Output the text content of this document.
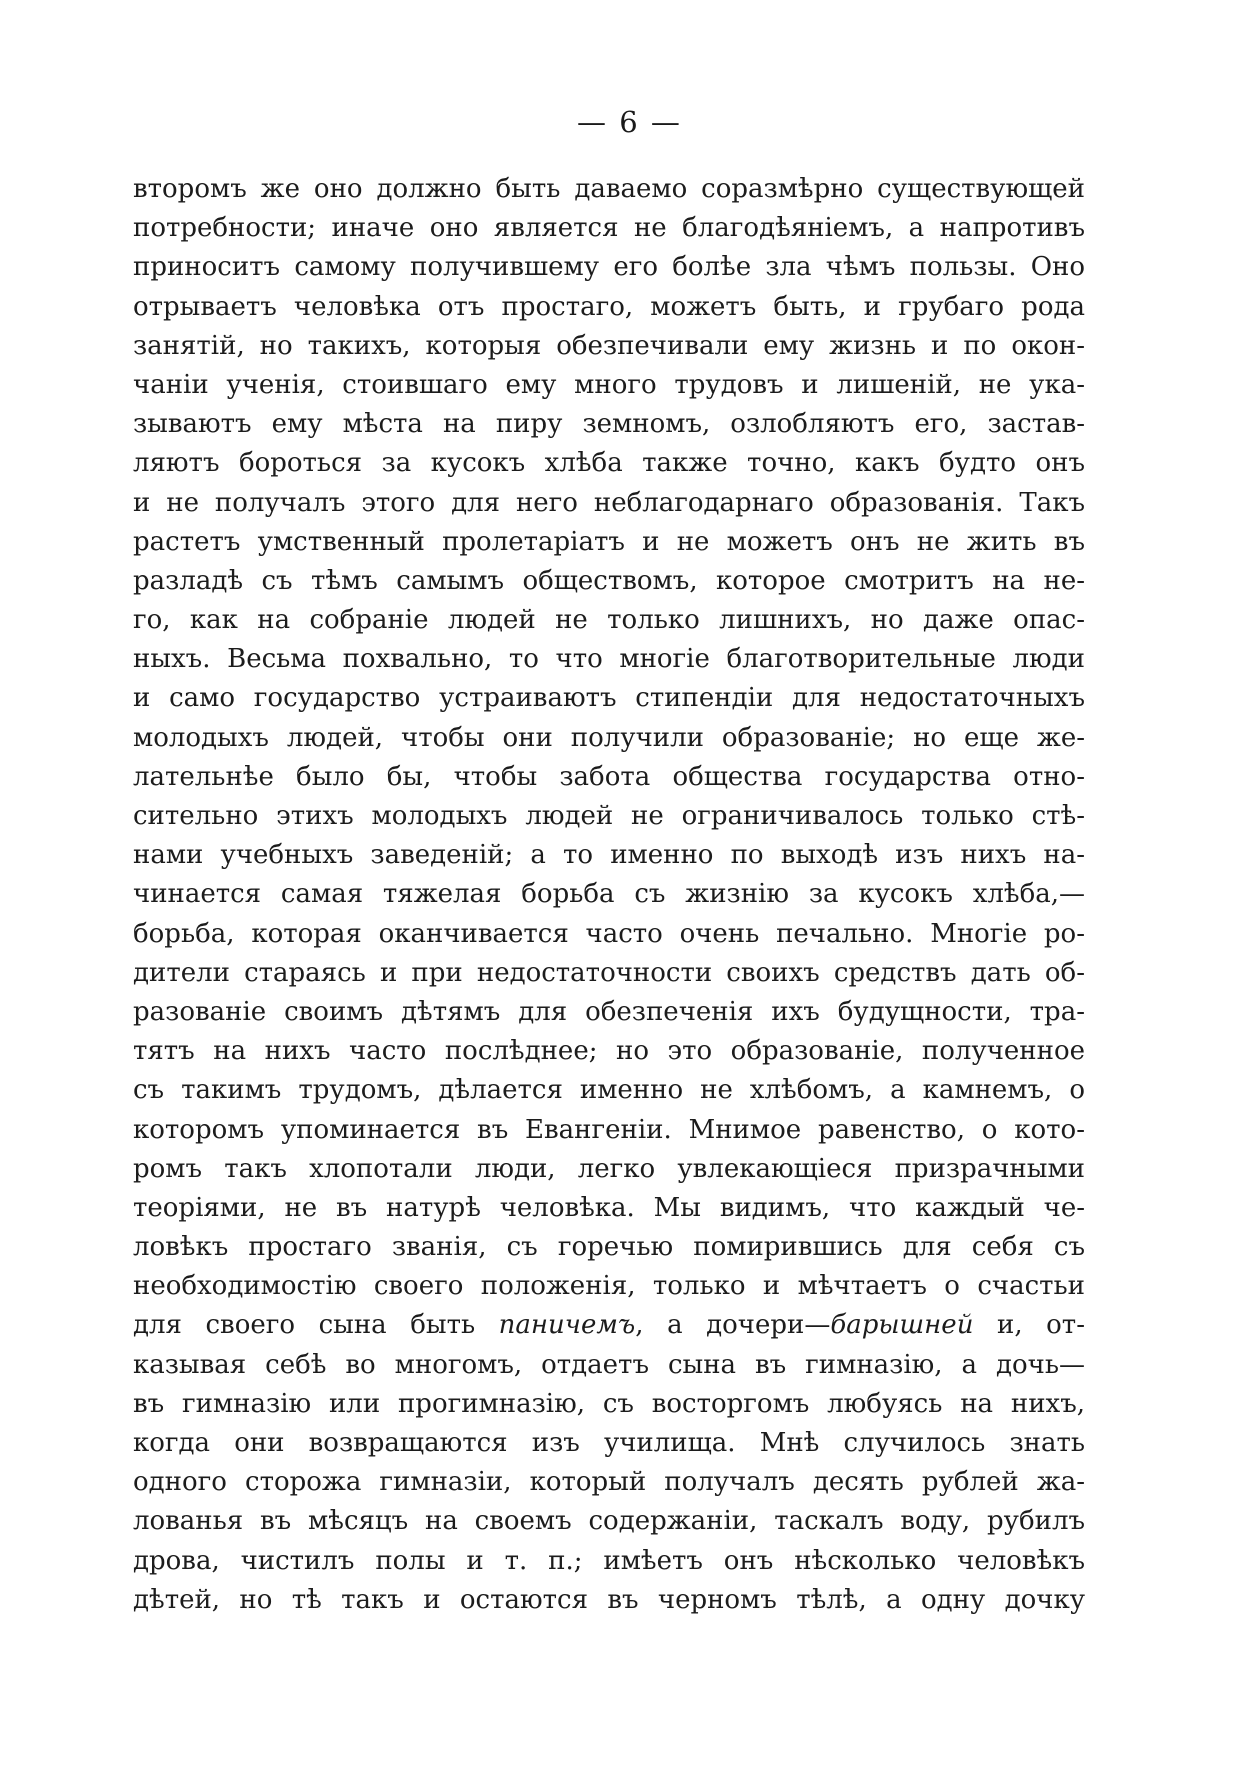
— 6 —
второмъ же оно должно быть даваемо соразмѣрно существующей
потребности; иначе оно является не благодѣяніемъ, а напротивъ
приноситъ самому получившему его болѣе зла чѣмъ пользы. Оно
отрываетъ человѣка отъ простаго, можетъ быть, и грубаго рода
занятій, но такихъ, которыя обезпечивали ему жизнь и по окон-
чаніи ученія, стоившаго ему много трудовъ и лишеній, не ука-
зываютъ ему мѣста на пиру земномъ, озлобляютъ его, застав-
ляютъ бороться за кусокъ хлѣба также точно, какъ будто онъ
и не получалъ этого для него неблагодарнаго образованія. Такъ
растетъ умственный пролетаріатъ и не можетъ онъ не жить въ
разладѣ съ тѣмъ самымъ обществомъ, которое смотритъ на не-
го, как на собраніе людей не только лишнихъ, но даже опас-
ныхъ. Весьма похвально, то что многіе благотворительные люди
и само государство устраиваютъ стипендіи для недостаточныхъ
молодыхъ людей, чтобы они получили образованіе; но еще же-
лательнѣе было бы, чтобы забота общества государства отно-
сительно этихъ молодыхъ людей не ограничивалось только стѣ-
нами учебныхъ заведеній; а то именно по выходѣ изъ нихъ на-
чинается самая тяжелая борьба съ жизнію за кусокъ хлѣба,—
борьба, которая оканчивается часто очень печально. Многіе ро-
дители стараясь и при недостаточности своихъ средствъ дать об-
разованіе своимъ дѣтямъ для обезпеченія ихъ будущности, тра-
тятъ на нихъ часто послѣднее; но это образованіе, полученное
съ такимъ трудомъ, дѣлается именно не хлѣбомъ, а камнемъ, о
которомъ упоминается въ Евангеніи. Мнимое равенство, о кото-
ромъ такъ хлопотали люди, легко увлекающіеся призрачными
теоріями, не въ натурѣ человѣка. Мы видимъ, что каждый че-
ловѣкъ простаго званія, съ горечью помирившись для себя съ
необходимостію своего положенія, только и мѣчтаетъ о счастьи
для своего сына быть паничемъ, а дочери—барышней и, от-
казывая себѣ во многомъ, отдаетъ сына въ гимназію, а дочь—
въ гимназію или прогимназію, съ восторгомъ любуясь на нихъ,
когда они возвращаются изъ училища. Мнѣ случилось знать
одного сторожа гимназіи, который получалъ десять рублей жа-
лованья въ мѣсяцъ на своемъ содержаніи, таскалъ воду, рубилъ
дрова, чистилъ полы и т. п.; имѣетъ онъ нѣсколько человѣкъ
дѣтей, но тѣ такъ и остаются въ черномъ тѣлѣ, а одну дочку
